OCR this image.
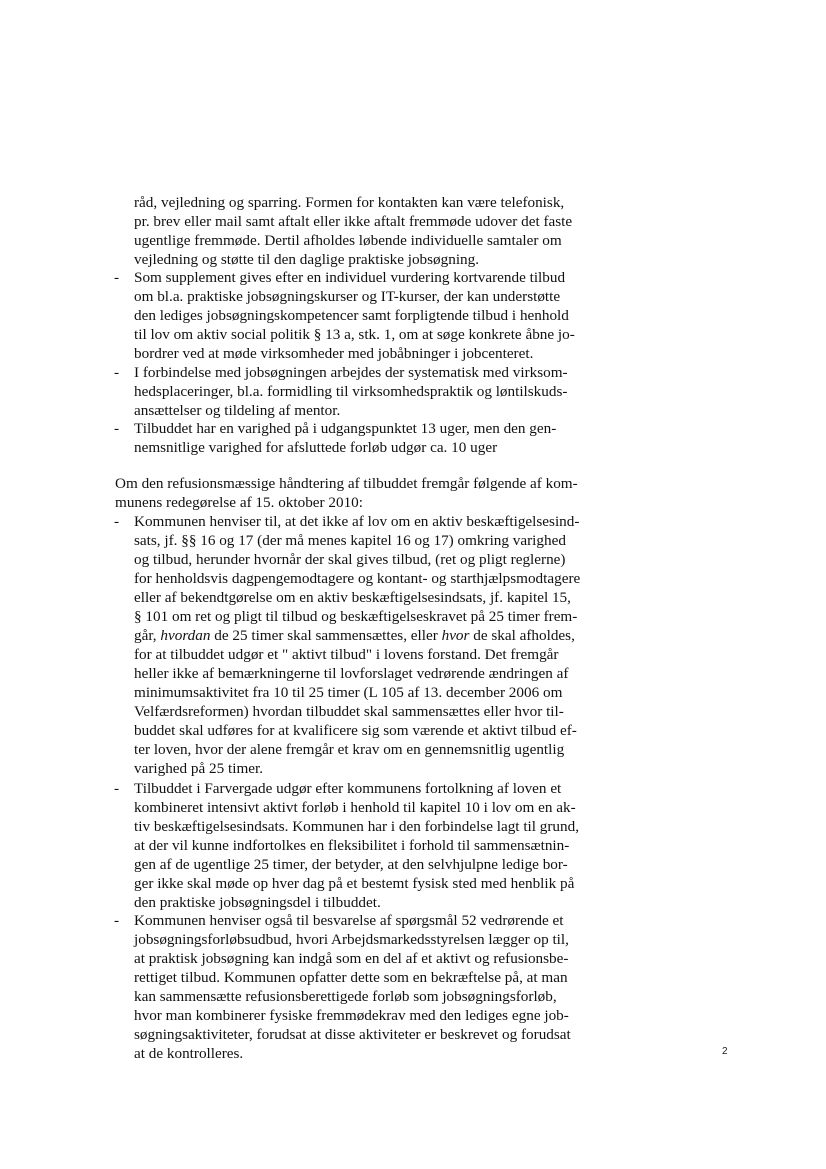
råd, vejledning og sparring. Formen for kontakten kan være telefonisk,
pr. brev eller mail samt aftalt eller ikke aftalt fremmøde udover det faste
ugentlige fremmøde. Dertil afholdes løbende individuelle samtaler om
vejledning og støtte til den daglige praktiske jobsøgning.
- Som supplement gives efter en individuel vurdering kortvarende tilbud
om bl.a. praktiske jobsøgningskurser og IT-kurser, der kan understøtte
den lediges jobsøgningskompetencer samt forpligtende tilbud i henhold
til lov om aktiv social politik § 13 a, stk. 1, om at søge konkrete åbne jo-
bordrer ved at møde virksomheder med jobåbninger i jobcenteret.
- I forbindelse med jobsøgningen arbejdes der systematisk med virksom-
hedsplaceringer, bl.a. formidling til virksomhedspraktik og løntilskuds-
ansættelser og tildeling af mentor.
- Tilbuddet har en varighed på i udgangspunktet 13 uger, men den gen-
nemsnitlige varighed for afsluttede forløb udgør ca. 10 uger
Om den refusionsmæssige håndtering af tilbuddet fremgår følgende af kom-
munens redegørelse af 15. oktober 2010:
- Kommunen henviser til, at det ikke af lov om en aktiv beskæftigelsesind-
sats, jf. §§ 16 og 17 (der må menes kapitel 16 og 17) omkring varighed
og tilbud, herunder hvornår der skal gives tilbud, (ret og pligt reglerne)
for henholdsvis dagpengemodtagere og kontant- og starthjælpsmodtagere
eller af bekendtgørelse om en aktiv beskæftigelsesindsats, jf. kapitel 15,
§ 101 om ret og pligt til tilbud og beskæftigelseskravet på 25 timer frem-
går, hvordan de 25 timer skal sammensættes, eller hvor de skal afholdes,
for at tilbuddet udgør et " aktivt tilbud" i lovens forstand. Det fremgår
heller ikke af bemærkningerne til lovforslaget vedrørende ændringen af
minimumsaktivitet fra 10 til 25 timer (L 105 af 13. december 2006 om
Velfærdsreformen) hvordan tilbuddet skal sammensættes eller hvor til-
buddet skal udføres for at kvalificere sig som værende et aktivt tilbud ef-
ter loven, hvor der alene fremgår et krav om en gennemsnitlig ugentlig
varighed på 25 timer.
- Tilbuddet i Farvergade udgør efter kommunens fortolkning af loven et
kombineret intensivt aktivt forløb i henhold til kapitel 10 i lov om en ak-
tiv beskæftigelsesindsats. Kommunen har i den forbindelse lagt til grund,
at der vil kunne indfortolkes en fleksibilitet i forhold til sammensætnin-
gen af de ugentlige 25 timer, der betyder, at den selvhjulpne ledige bor-
ger ikke skal møde op hver dag på et bestemt fysisk sted med henblik på
den praktiske jobsøgningsdel i tilbuddet.
- Kommunen henviser også til besvarelse af spørgsmål 52 vedrørende et
jobsøgningsforløbsudbud, hvori Arbejdsmarkedsstyrelsen lægger op til,
at praktisk jobsøgning kan indgå som en del af et aktivt og refusionsbe-
rettiget tilbud. Kommunen opfatter dette som en bekræftelse på, at man
kan sammensætte refusionsberettigede forløb som jobsøgningsforløb,
hvor man kombinerer fysiske fremmødekrav med den lediges egne job-
søgningsaktiviteter, forudsat at disse aktiviteter er beskrevet og forudsat
at de kontrolleres.	2
